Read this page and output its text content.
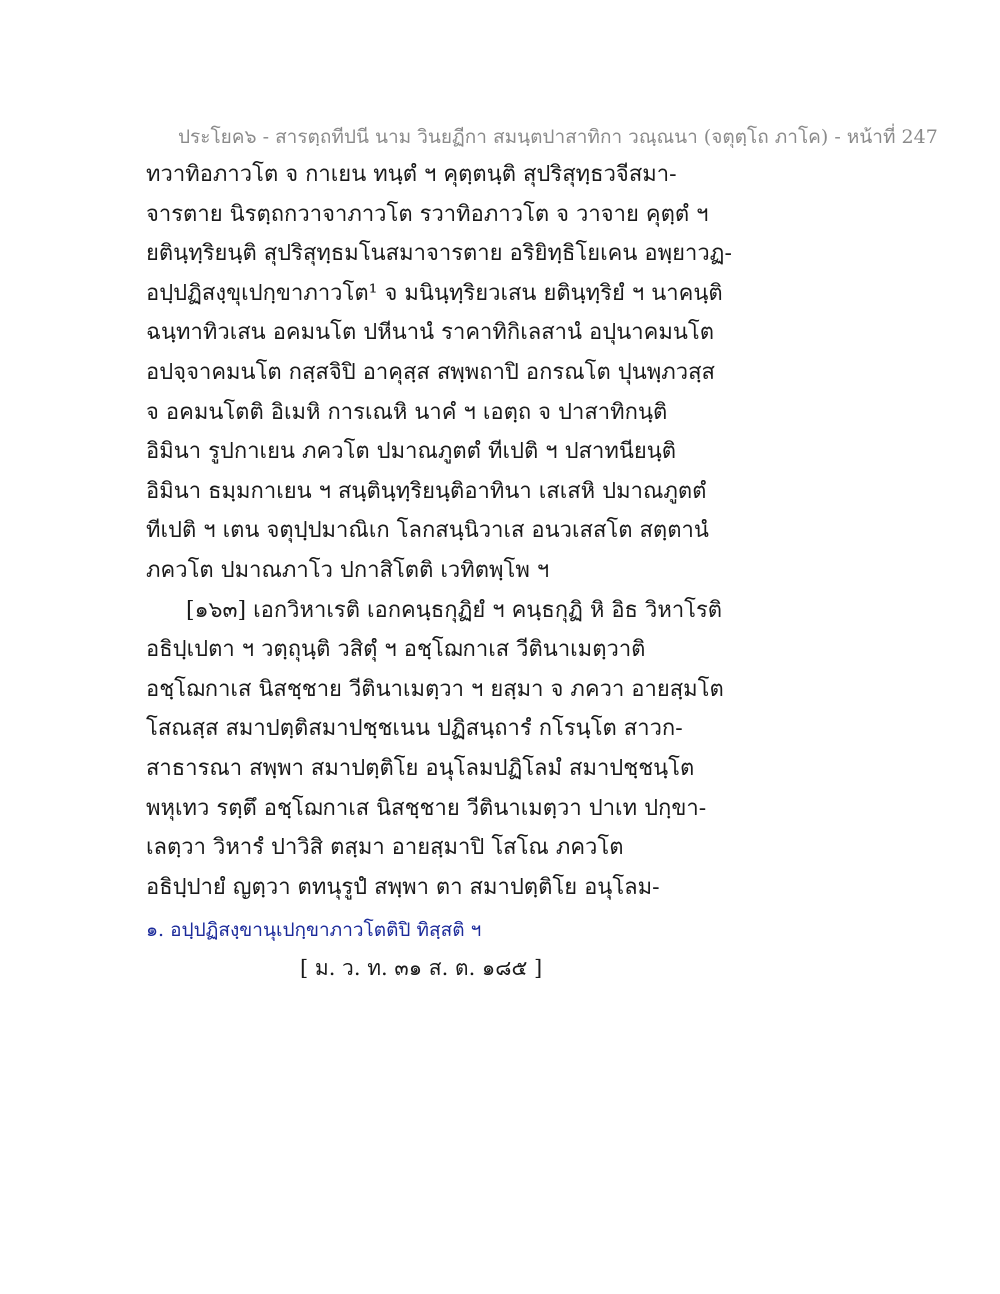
ประโยค๖ - สารตฺถทีปนี นาม วินยฏีกา สมนฺตปาสาทิกา วณฺณนา (จตุตฺโถ ภาโค) - หน้าที่ 247
ทวาทิอภาวโต จ กาเยน ทนฺตํ ฯ คุตฺตนฺติ สุปริสุทฺธวจีสมา-
จารตาย นิรตฺถกวาจาภาวโต รวาทิอภาวโต จ วาจาย คุตฺตํ ฯ
ยตินฺทฺริยนฺติ สุปริสุทฺธมโนสมาจารตาย อริยิทฺธิโยเคน อพฺยาวฏ-
อปฺปฏิสงฺขุเปกฺขาภาวโต¹ จ มนินฺทฺริยวเสน ยตินฺทฺริยํ ฯ นาคนฺติ
ฉนฺทาทิวเสน อคมนโต ปหีนานํ ราคาทิกิเลสานํ อปุนาคมนโต
อปจฺจาคมนโต กสฺสจิปิ อาคุสฺส สพฺพถาปิ อกรณโต ปุนพฺภวสฺส
จ อคมนโตติ อิเมหิ การเณหิ นาคํ ฯ เอตฺถ จ ปาสาทิกนฺติ
อิมินา รูปกาเยน ภควโต ปมาณภูตตํ ทีเปติ ฯ ปสาทนียนฺติ
อิมินา ธมฺมกาเยน ฯ สนฺตินฺทฺริยนฺติอาทินา เสเสหิ ปมาณภูตตํ
ทีเปติ ฯ เตน จตุปฺปมาณิเก โลกสนฺนิวาเส อนวเสสโต สตฺตานํ
ภควโต ปมาณภาโว ปกาสิโตติ เวทิตพฺโพ ฯ
[๑๖๓] เอกวิหาเรติ เอกคนฺธกุฏิยํ ฯ คนฺธกุฏิ หิ อิธ วิหาโรติ
อธิปฺเปตา ฯ วตฺถุนฺติ วสิตุํ ฯ อชฺโฌกาเส วีตินาเมตฺวาติ
อชฺโฌกาเส นิสชฺชาย วีตินาเมตฺวา ฯ ยสฺมา จ ภควา อายสฺมโต
โสณสฺส สมาปตฺติสมาปชฺชเนน ปฏิสนฺถารํ กโรนฺโต สาวก-
สาธารณา สพฺพา สมาปตฺติโย อนุโลมปฏิโลมํ สมาปชฺชนฺโต
พหุเทว รตฺตึ อชฺโฌกาเส นิสชฺชาย วีตินาเมตฺวา ปาเท ปกฺขา-
เลตฺวา วิหารํ ปาวิสิ ตสฺมา อายสฺมาปิ โสโณ ภควโต
อธิปฺปายํ ญตฺวา ตทนุรูปํ สพฺพา ตา สมาปตฺติโย อนุโลม-
๑. อปฺปฏิสงฺขานุเปกฺขาภาวโตติปิ ทิสฺสติ ฯ
[ ม. ว. ท. ๓๑ ส. ต. ๑๘๕ ]
